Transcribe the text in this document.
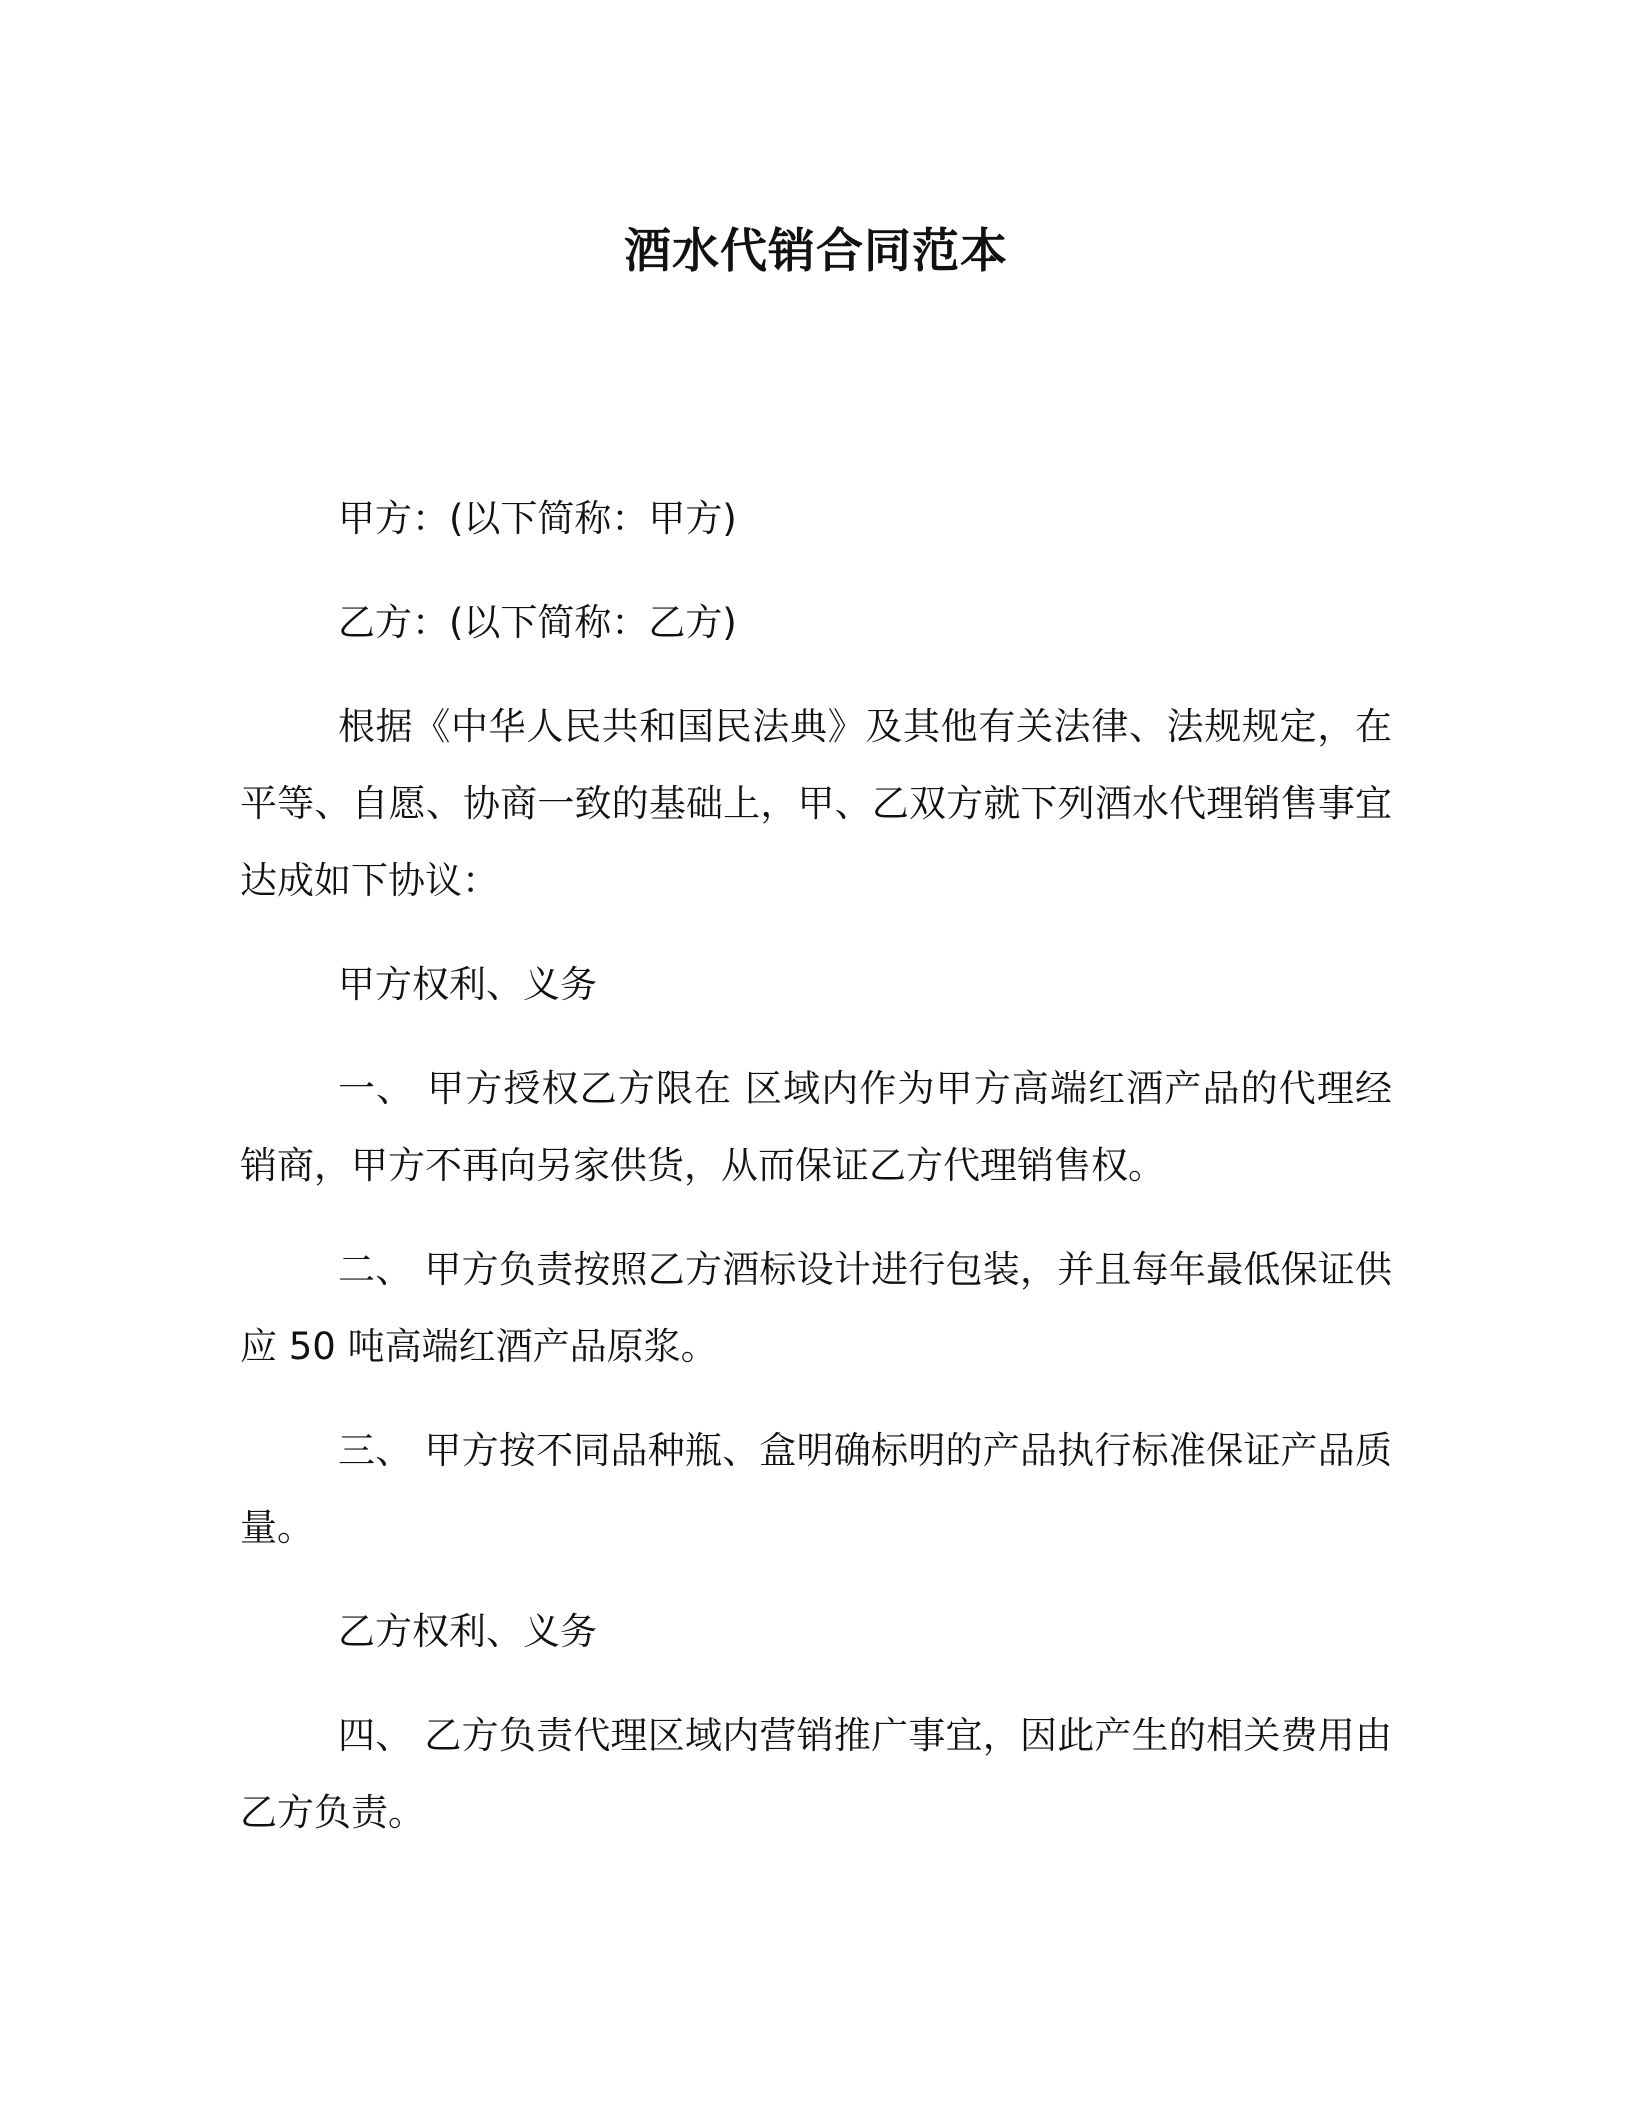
酒水代销合同范本

甲方：(以下简称：甲方)

乙方：(以下简称：乙方)

根据《中华人民共和国民法典》及其他有关法律、法规规定，在平等、自愿、协商一致的基础上，甲、乙双方就下列酒水代理销售事宜达成如下协议：

甲方权利、义务

一、 甲方授权乙方限在 区域内作为甲方高端红酒产品的代理经销商，甲方不再向另家供货，从而保证乙方代理销售权。

二、 甲方负责按照乙方酒标设计进行包装，并且每年最低保证供应 50 吨高端红酒产品原浆。

三、 甲方按不同品种瓶、盒明确标明的产品执行标准保证产品质量。

乙方权利、义务

四、 乙方负责代理区域内营销推广事宜，因此产生的相关费用由乙方负责。
